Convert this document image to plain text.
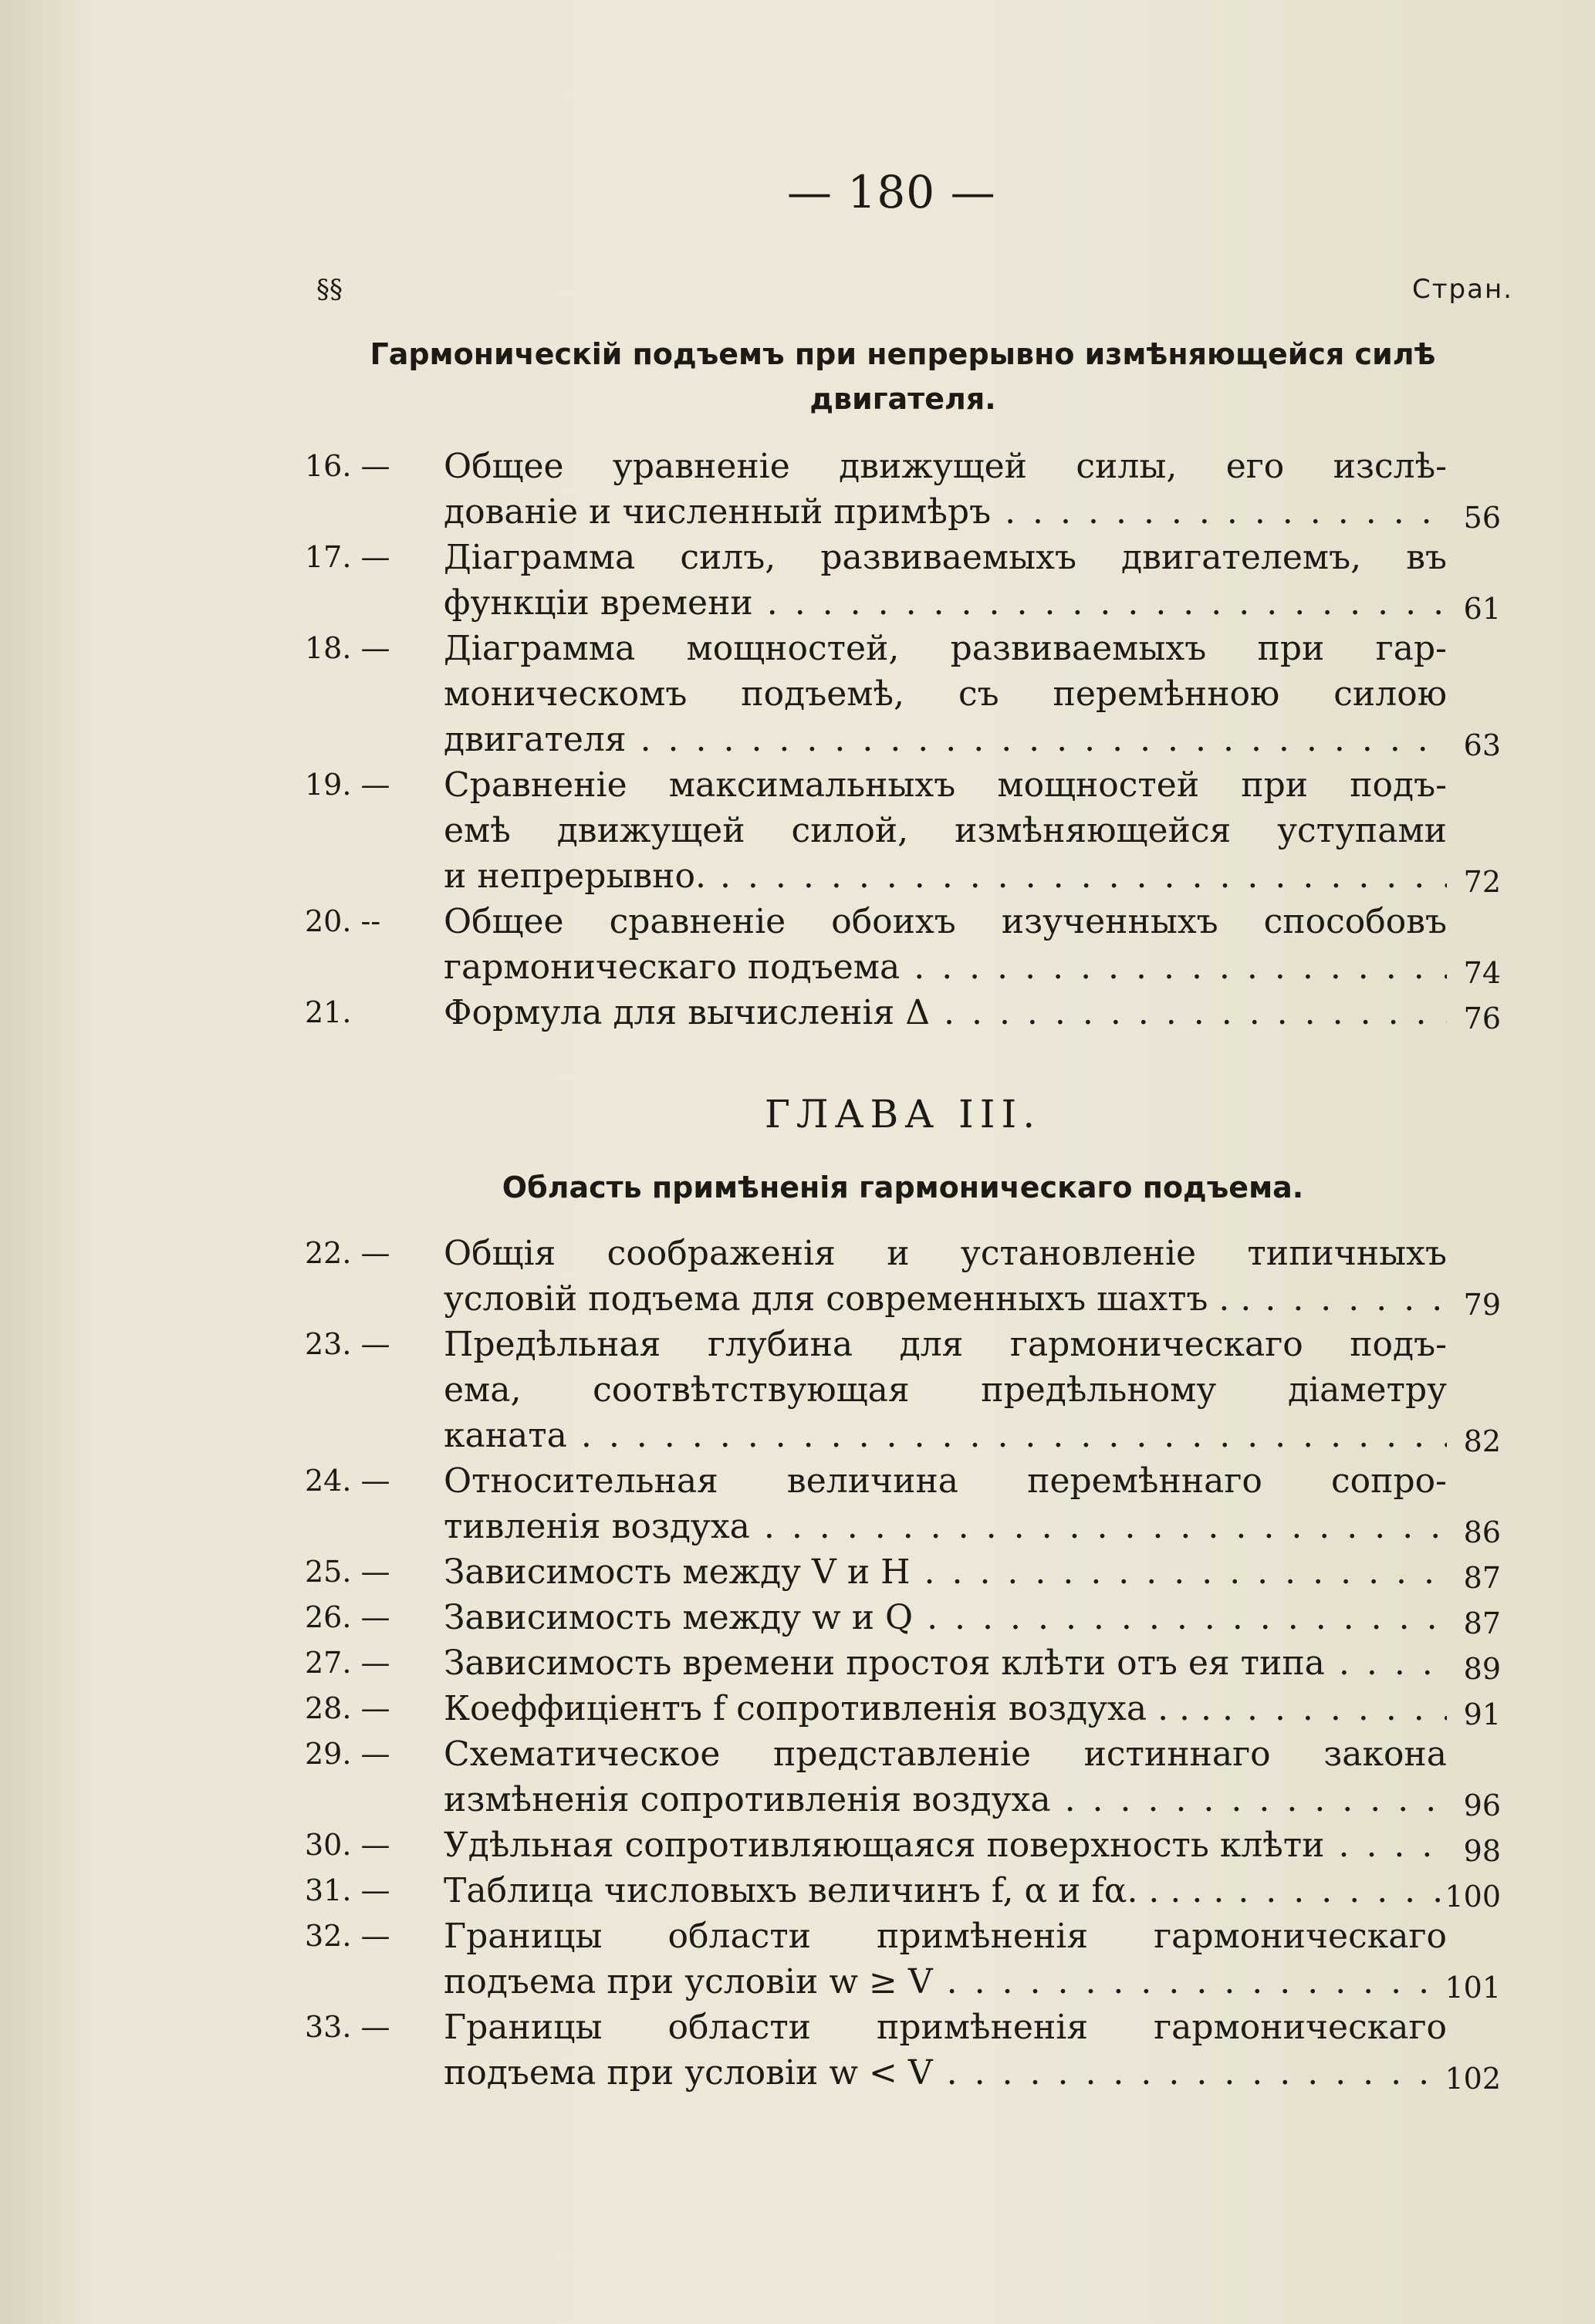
— 180 —
§§	Стран.
Гармоническій подъемъ при непрерывно измѣняющейся силѣ
двигателя.
16. — Общее уравненіе движущей силы, его изслѣ-
дованіе и численный примѣръ . . .	56
17. — Діаграмма силъ, развиваемыхъ двигателемъ, въ
функціи времени . . .	61
18. — Діаграмма мощностей, развиваемыхъ при гар-
моническомъ подъемѣ, съ перемѣнною силою
двигателя . . .	63
19. — Сравненіе максимальныхъ мощностей при подъ-
емѣ движущей силой, измѣняющейся уступами
и непрерывно. . . .	72
20. -- Общее сравненіе обоихъ изученныхъ способовъ
гармоническаго подъема . . .	74
21.	Формула для вычисленія Δ . . .	76
ГЛАВА III.
Область примѣненія гармоническаго подъема.
22. — Общія соображенія и установленіе типичныхъ
условій подъема для современныхъ шахтъ . . . . .	79
23. — Предѣльная глубина для гармоническаго подъ-
ема, соотвѣтствующая предѣльному діаметру
каната . . .	82
24. — Относительная величина перемѣннаго сопро-
тивленія воздуха . . .	86
25. — Зависимость между V и H . . .	87
26. — Зависимость между w и Q . . .	87
27. — Зависимость времени простоя клѣти отъ ея типа . . .	89
28. — Коеффиціентъ f сопротивленія воздуха . . . . . . .	91
29. — Схематическое представленіе истиннаго закона
измѣненія сопротивленія воздуха . . .	96
30. — Удѣльная сопротивляющаяся поверхность клѣти . . .	98
31. — Таблица числовыхъ величинъ f, α и fα. . . . . . . .	100
32. — Границы области примѣненія гармоническаго
подъема при условіи w ≥ V . . .	101
33. — Границы области примѣненія гармоническаго
подъема при условіи w < V . . .	102
